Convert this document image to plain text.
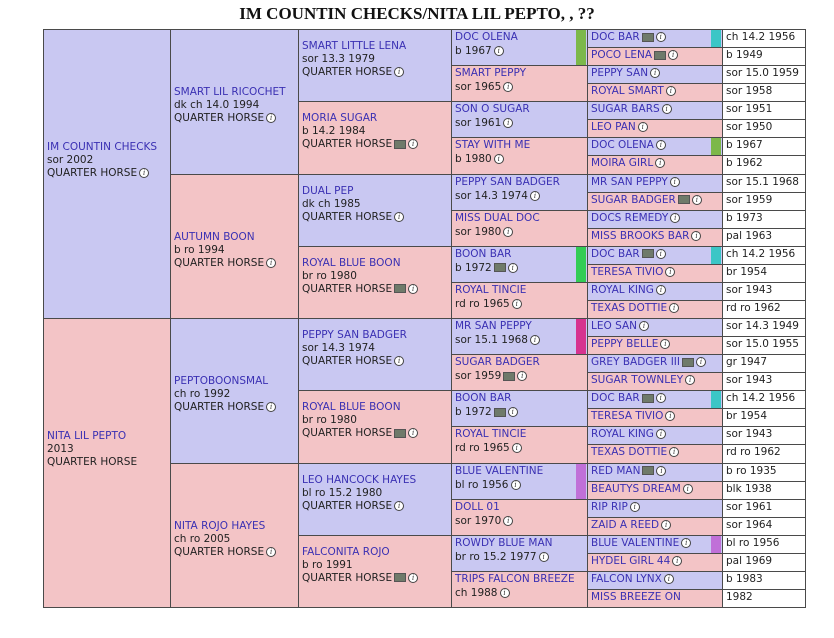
IM COUNTIN CHECKS/NITA LIL PEPTO, , ??
IM COUNTIN CHECKS
sor 2002
QUARTER HORSE i
NITA LIL PEPTO
2013
QUARTER HORSE
SMART LIL RICOCHET
dk ch 14.0 1994
QUARTER HORSE i
AUTUMN BOON
b ro 1994
QUARTER HORSE i
PEPTOBOONSMAL
ch ro 1992
QUARTER HORSE i
NITA ROJO HAYES
ch ro 2005
QUARTER HORSE i
SMART LITTLE LENA
sor 13.3 1979
QUARTER HORSE i
MORIA SUGAR
b 14.2 1984
QUARTER HORSE	i
DUAL PEP
dk ch 1985
QUARTER HORSE i
ROYAL BLUE BOON
br ro 1980
QUARTER HORSE	i
PEPPY SAN BADGER
sor 14.3 1974
QUARTER HORSE i
ROYAL BLUE BOON
br ro 1980
QUARTER HORSE	i
LEO HANCOCK HAYES
bl ro 15.2 1980
QUARTER HORSE i
FALCONITA ROJO
b ro 1991
QUARTER HORSE	i
DOC OLENA
b 1967 i
SMART PEPPY
sor 1965 i
SON O SUGAR
sor 1961 i
STAY WITH ME
b 1980 i
PEPPY SAN BADGER
sor 14.3 1974 i
MISS DUAL DOC
sor 1980 i
BOON BAR
b 1972	i
ROYAL TINCIE
rd ro 1965 i
MR SAN PEPPY
sor 15.1 1968 i
SUGAR BADGER
sor 1959	i
BOON BAR
b 1972	i
ROYAL TINCIE
rd ro 1965 i
BLUE VALENTINE
bl ro 1956 i
DOLL 01
sor 1970 i
ROWDY BLUE MAN
br ro 15.2 1977 i
TRIPS FALCON BREEZE
ch 1988 i
DOC BAR	i	ch 14.2 1956
POCO LENA	i	b 1949
PEPPY SAN i	sor 15.0 1959
ROYAL SMART i	sor 1958
SUGAR BARS i	sor 1951
LEO PAN i	sor 1950
DOC OLENA i	b 1967
MOIRA GIRL i	b 1962
MR SAN PEPPY i	sor 15.1 1968
SUGAR BADGER	i	sor 1959
DOCS REMEDY i	b 1973
MISS BROOKS BAR i	pal 1963
DOC BAR	i	ch 14.2 1956
TERESA TIVIO i	br 1954
ROYAL KING i	sor 1943
TEXAS DOTTIE i	rd ro 1962
LEO SAN i	sor 14.3 1949
PEPPY BELLE i	sor 15.0 1955
GREY BADGER III	i	gr 1947
SUGAR TOWNLEY i	sor 1943
DOC BAR	i	ch 14.2 1956
TERESA TIVIO i	br 1954
ROYAL KING i	sor 1943
TEXAS DOTTIE i	rd ro 1962
RED MAN	i	b ro 1935
BEAUTYS DREAM i	blk 1938
RIP RIP i	sor 1961
ZAID A REED i	sor 1964
BLUE VALENTINE i	bl ro 1956
HYDEL GIRL 44 i	pal 1969
FALCON LYNX i	b 1983
MISS BREEZE ON	1982
